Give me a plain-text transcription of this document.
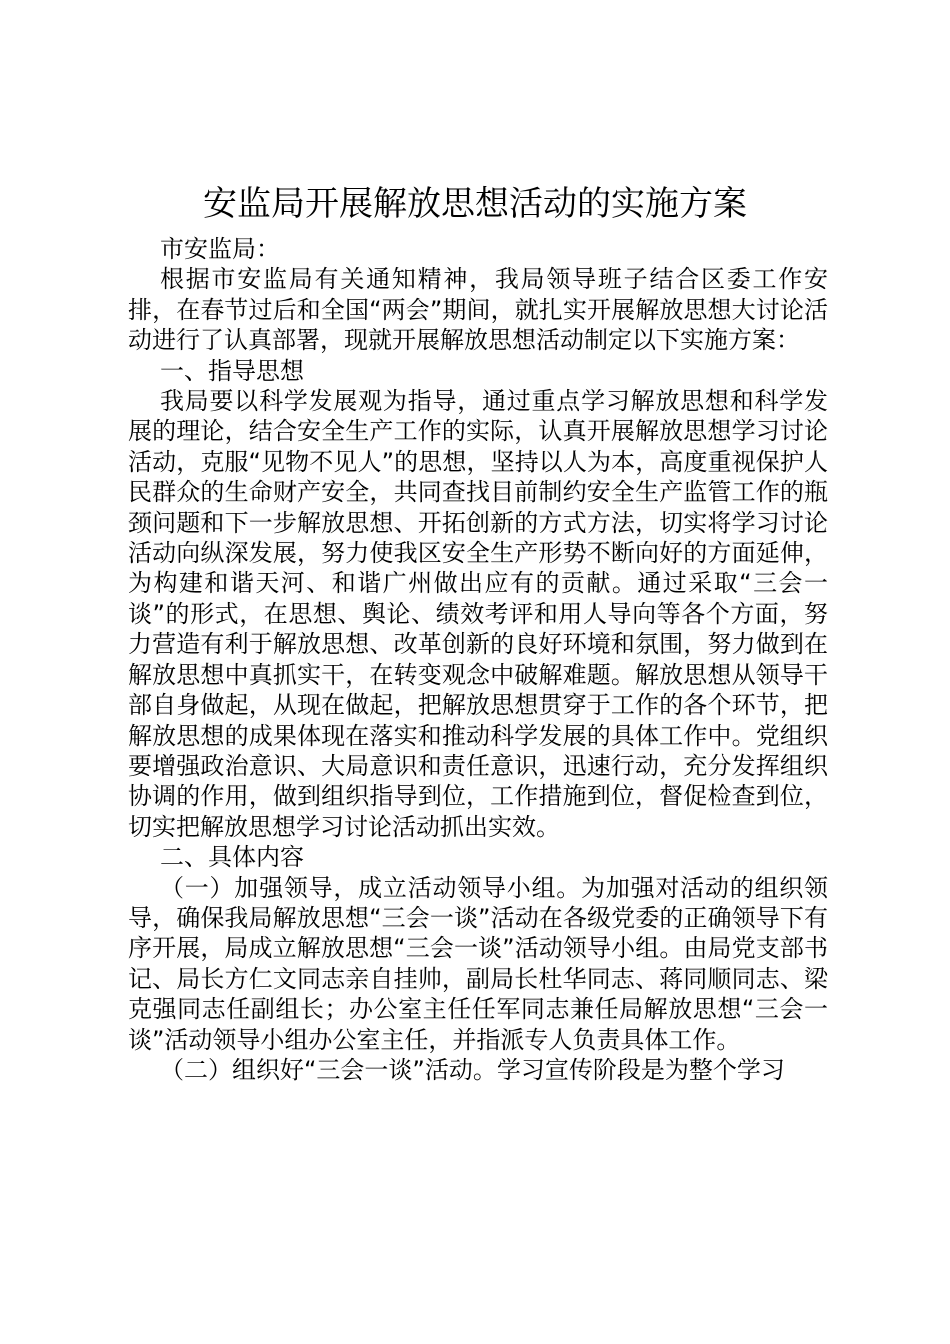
安监局开展解放思想活动的实施方案

市安监局：

根据市安监局有关通知精神，我局领导班子结合区委工作安排，在春节过后和全国“两会”期间，就扎实开展解放思想大讨论活动进行了认真部署，现就开展解放思想活动制定以下实施方案：

一、指导思想

我局要以科学发展观为指导，通过重点学习解放思想和科学发展的理论，结合安全生产工作的实际，认真开展解放思想学习讨论活动，克服“见物不见人”的思想，坚持以人为本，高度重视保护人民群众的生命财产安全，共同查找目前制约安全生产监管工作的瓶颈问题和下一步解放思想、开拓创新的方式方法，切实将学习讨论活动向纵深发展，努力使我区安全生产形势不断向好的方面延伸，为构建和谐天河、和谐广州做出应有的贡献。通过采取“三会一谈”的形式，在思想、舆论、绩效考评和用人导向等各个方面，努力营造有利于解放思想、改革创新的良好环境和氛围，努力做到在解放思想中真抓实干，在转变观念中破解难题。解放思想从领导干部自身做起，从现在做起，把解放思想贯穿于工作的各个环节，把解放思想的成果体现在落实和推动科学发展的具体工作中。党组织要增强政治意识、大局意识和责任意识，迅速行动，充分发挥组织协调的作用，做到组织指导到位，工作措施到位，督促检查到位，切实把解放思想学习讨论活动抓出实效。

二、具体内容

（一）加强领导，成立活动领导小组。为加强对活动的组织领导，确保我局解放思想“三会一谈”活动在各级党委的正确领导下有序开展，局成立解放思想“三会一谈”活动领导小组。由局党支部书记、局长方仁文同志亲自挂帅，副局长杜华同志、蒋同顺同志、梁克强同志任副组长；办公室主任任军同志兼任局解放思想“三会一谈”活动领导小组办公室主任，并指派专人负责具体工作。

（二）组织好“三会一谈”活动。学习宣传阶段是为整个学习
